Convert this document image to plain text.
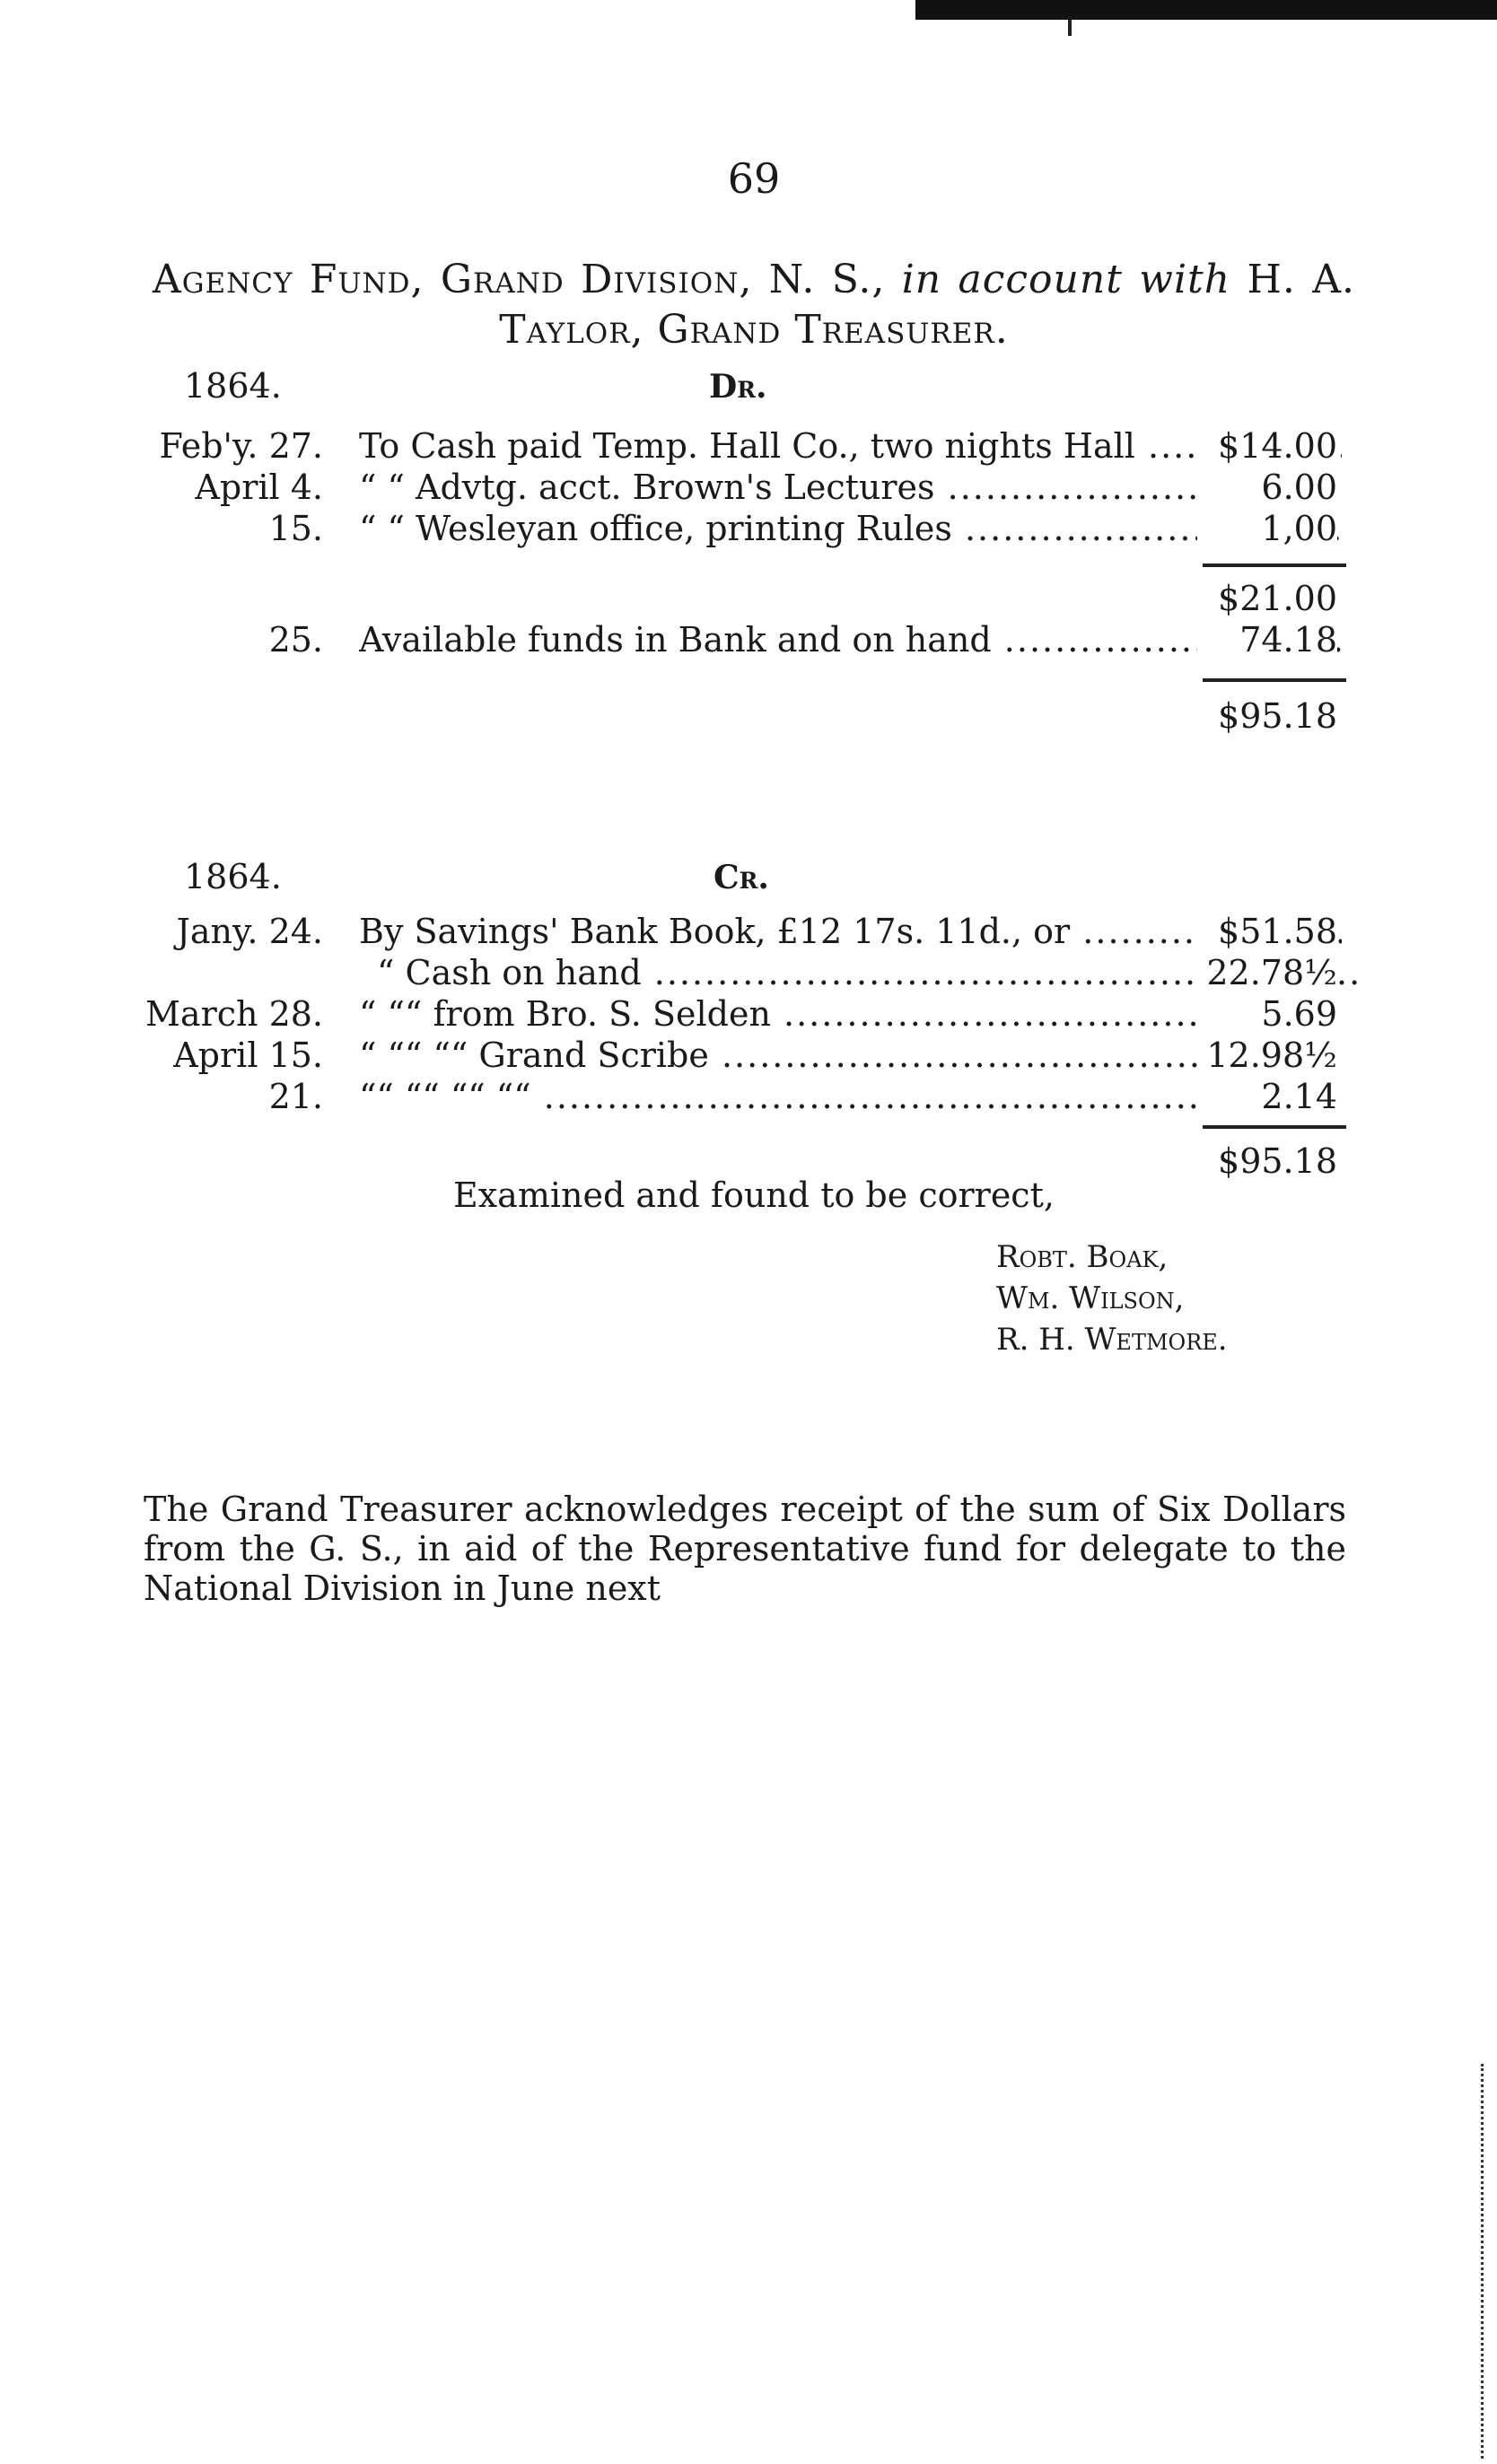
69
Agency Fund, Grand Division, N. S., in account with H. A.
Taylor, Grand Treasurer.
1864.	Dr.
Feb'y. 27. To Cash paid Temp. Hall Co., two nights Hall .....	$14.00
April 4. “ “ Advtg. acct. Brown's Lectures .....	6.00
15. “ “ Wesleyan office, printing Rules .....	1,00
$21.00
25. Available funds in Bank and on hand .....	74.18
$95.18
1864.	Cr.
Jany. 24. By Savings' Bank Book, £12 17s. 11d., or .....	$51.58
“ Cash on hand .....	22.78½
March 28. “ ““ from Bro. S. Selden .....	5.69
April 15. “ ““ ““ Grand Scribe .....	12.98½
21. ““ ““ ““ ““ .....	2.14
$95.18
Examined and found to be correct,
Robt. Boak,
Wm. Wilson,
R. H. Wetmore.
The Grand Treasurer acknowledges receipt of the sum of Six Dollars from the G. S., in aid of the Representative fund for delegate to the National Division in June next
